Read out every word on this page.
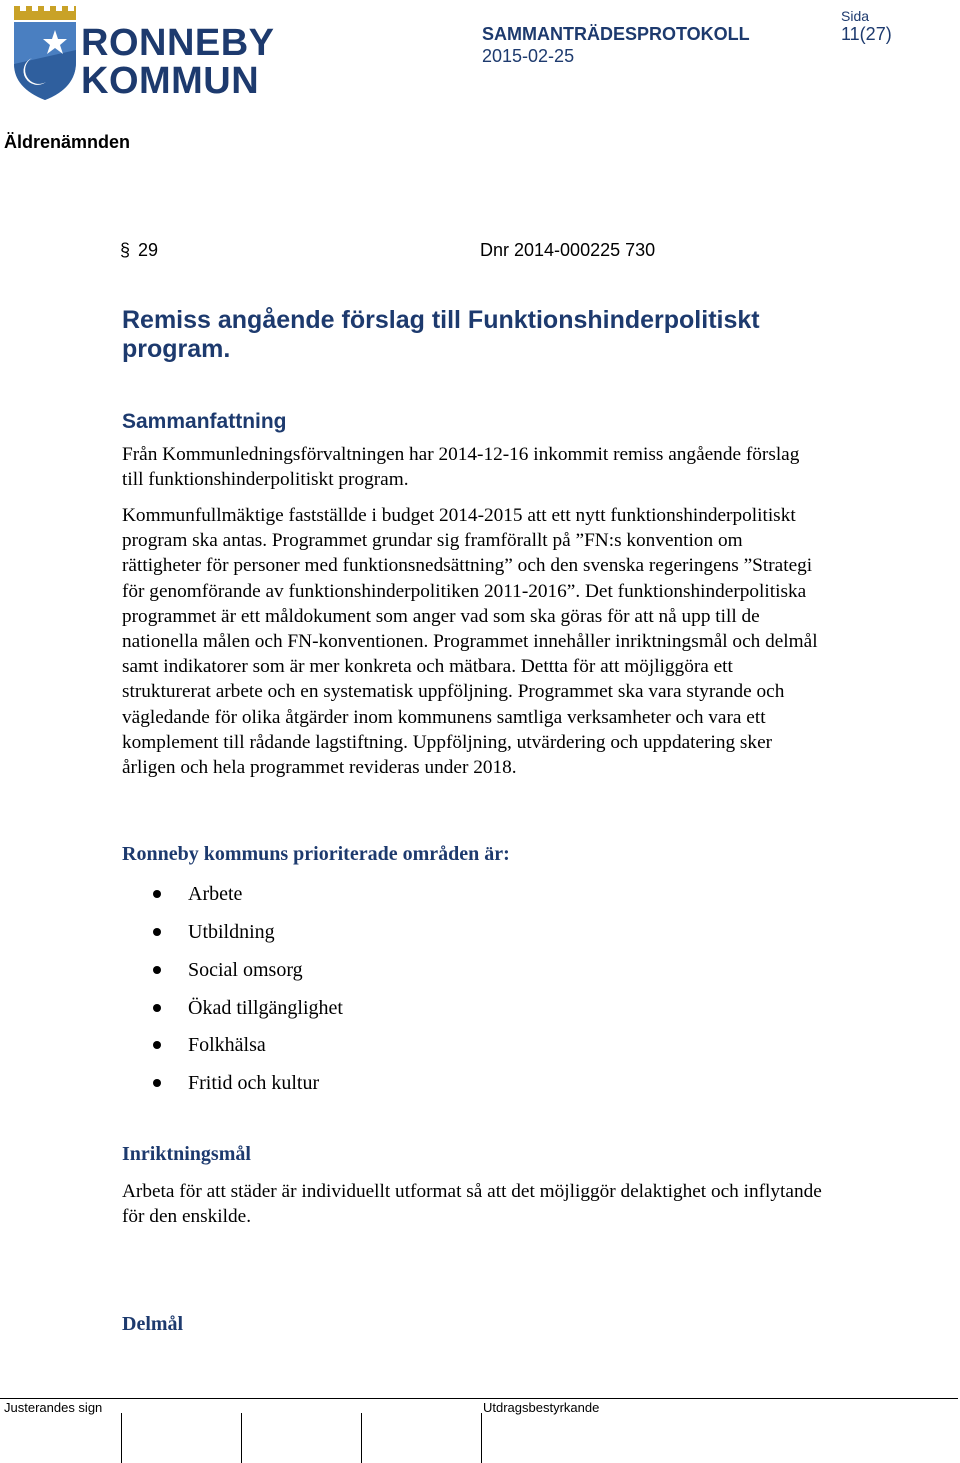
RONNEBY
KOMMUN
SAMMANTRÄDESPROTOKOLL
2015-02-25
Sida
11(27)
Äldrenämnden
§ 29	Dnr 2014-000225 730
Remiss angående förslag till Funktionshinderpolitiskt program.
Sammanfattning
Från Kommunledningsförvaltningen har 2014-12-16 inkommit remiss angående förslag till funktionshinderpolitiskt program.
Kommunfullmäktige fastställde i budget 2014-2015 att ett nytt funktionshinderpolitiskt program ska antas. Programmet grundar sig framförallt på ”FN:s konvention om rättigheter för personer med funktionsnedsättning” och den svenska regeringens ”Strategi för genomförande av funktionshinderpolitiken 2011-2016”. Det funktionshinderpolitiska programmet är ett måldokument som anger vad som ska göras för att nå upp till de nationella målen och FN-konventionen. Programmet innehåller inriktningsmål och delmål samt indikatorer som är mer konkreta och mätbara. Dettta för att möjliggöra ett strukturerat arbete och en systematisk uppföljning. Programmet ska vara styrande och vägledande för olika åtgärder inom kommunens samtliga verksamheter och vara ett komplement till rådande lagstiftning. Uppföljning, utvärdering och uppdatering sker årligen och hela programmet revideras under 2018.
Ronneby kommuns prioriterade områden är:
Arbete
Utbildning
Social omsorg
Ökad tillgänglighet
Folkhälsa
Fritid och kultur
Inriktningsmål
Arbeta för att städer är individuellt utformat så att det möjliggör delaktighet och inflytande för den enskilde.
Delmål
Justerandes sign	Utdragsbestyrkande
